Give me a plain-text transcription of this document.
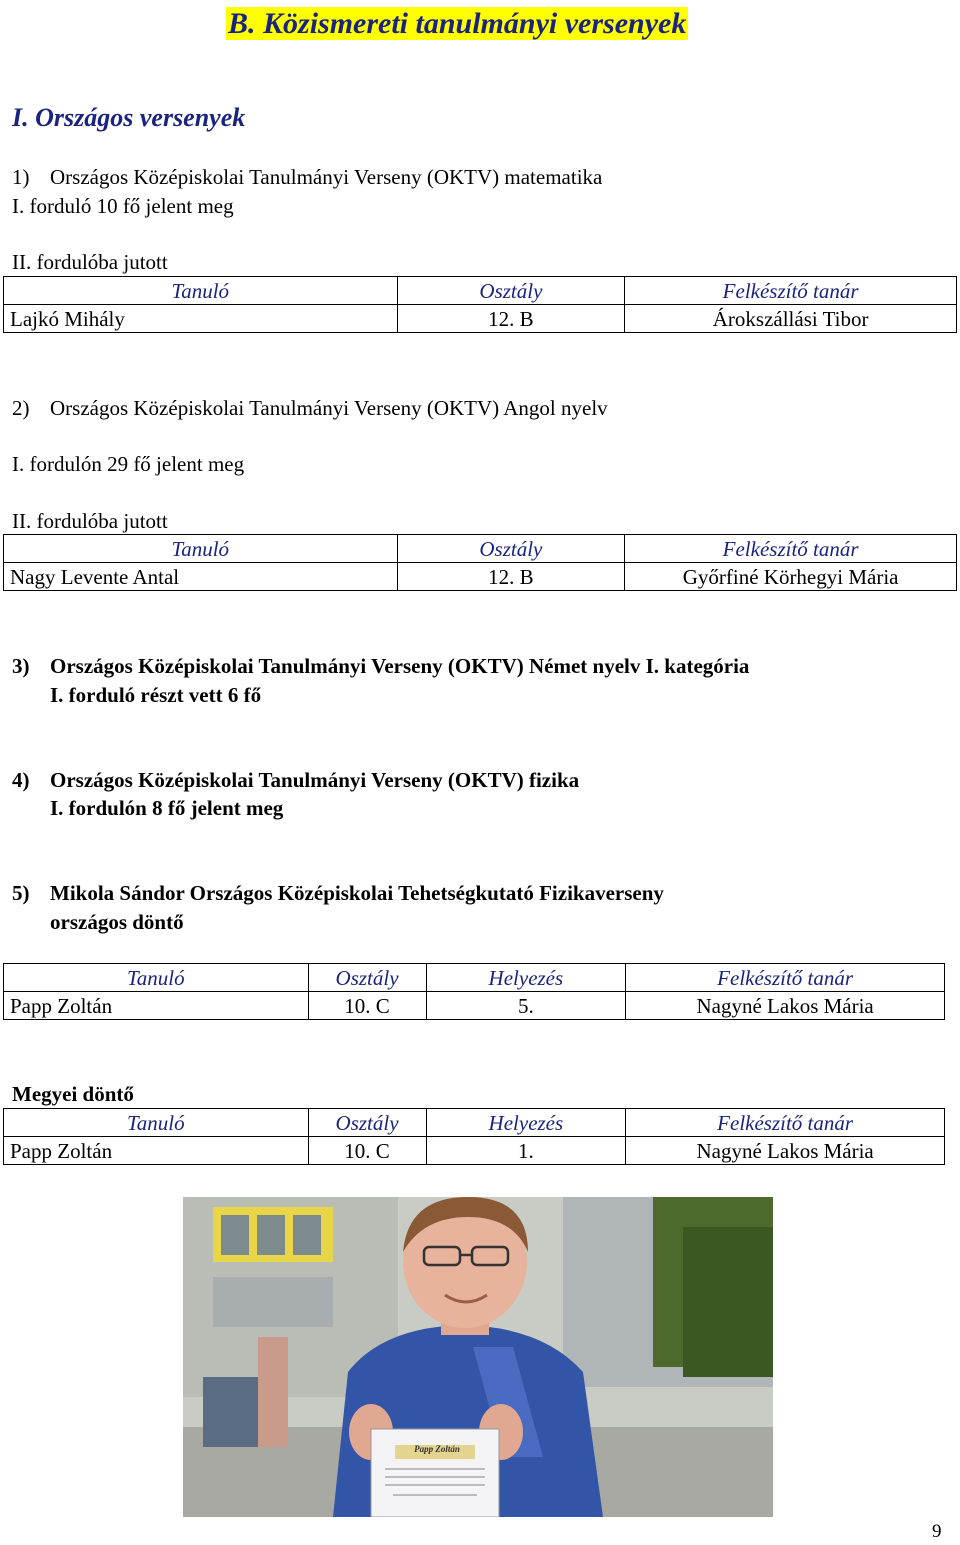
B. Közismereti tanulmányi versenyek
I. Országos versenyek
1) Országos Középiskolai Tanulmányi Verseny (OKTV) matematika
I. forduló 10 fő jelent meg
II. fordulóba jutott
Tanuló	Osztály	Felkészítő tanár
Lajkó Mihály	12. B	Árokszállási Tibor
2) Országos Középiskolai Tanulmányi Verseny (OKTV) Angol nyelv
I. fordulón 29 fő jelent meg
II. fordulóba jutott
Tanuló	Osztály	Felkészítő tanár
Nagy Levente Antal	12. B	Győrfiné Körhegyi Mária
3) Országos Középiskolai Tanulmányi Verseny (OKTV) Német nyelv I. kategória
I. forduló részt vett 6 fő
4) Országos Középiskolai Tanulmányi Verseny (OKTV) fizika
I. fordulón 8 fő jelent meg
5) Mikola Sándor Országos Középiskolai Tehetségkutató Fizikaverseny
országos döntő
Tanuló	Osztály	Helyezés	Felkészítő tanár
Papp Zoltán	10. C	5.	Nagyné Lakos Mária
Megyei döntő
Tanuló	Osztály	Helyezés	Felkészítő tanár
Papp Zoltán	10. C	1.	Nagyné Lakos Mária
Papp Zoltán
9
